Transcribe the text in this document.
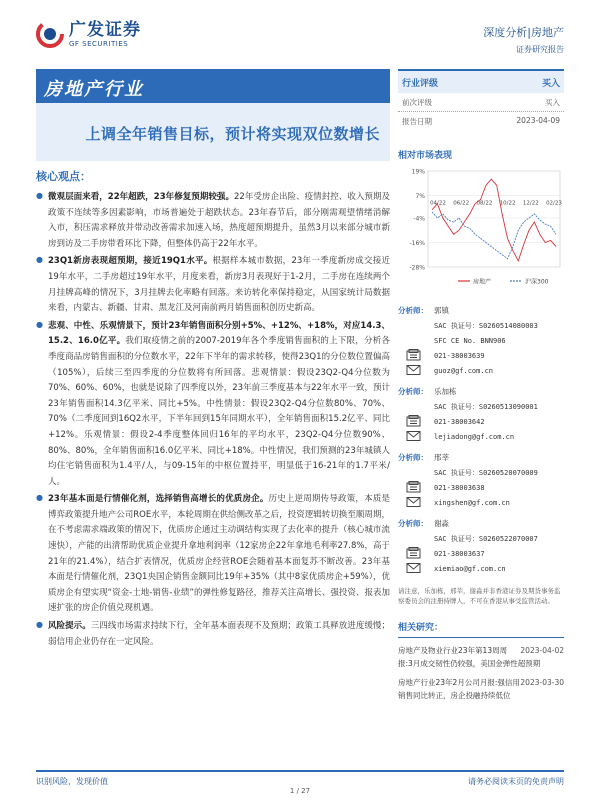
广发证券
GF SECURITIES
深度分析|房地产
证券研究报告
房地产行业
上调全年销售目标，预计将实现双位数增长
核心观点：
● 微观层面来看，22年超跌，23年修复预期较强。22年受房企出险、疫情封控、收入预期及政策不连续等多因素影响，市场普遍处于超跌状态。23年春节后，部分刚需观望情绪消解入市，积压需求释放并带动改善需求加速入场，热度超预期提升，虽然3月以来部分城市新房到访及二手房带看环比下降，但整体仍高于22年水平。

● 23Q1新房表现超预期，接近19Q1水平。根据样本城市数据，23年一季度新房成交接近19年水平，二手房超过19年水平，月度来看，新房3月表现好于1-2月，二手房在连续两个月挂牌高峰的情况下，3月挂牌去化率略有回落。来访转化率保持稳定，从国家统计局数据来看，内蒙古、新疆、甘肃、黑龙江及河南前两月销售面积创历史新高。

● 悲观、中性、乐观情景下，预计23年销售面积分别+5%、+12%、+18%，对应14.3、15.2、16.0亿平。我们取疫情之前的2007-2019年各个季度销售面积的上下限，分析各季度商品房销售面积的分位数水平，22年下半年的需求转移，使得23Q1的分位数位置偏高（105%），后续三至四季度的分位数将有所回落。悲观情景：假设23Q2-Q4分位数为70%、60%、60%，也就是说除了四季度以外，23年前三季度基本与22年水平一致，预计23年销售面积14.3亿平米、同比+5%。中性情景：假设23Q2-Q4分位数80%、70%、70%（二季度回到16Q2水平，下半年回到15年同期水平），全年销售面积15.2亿平、同比+12%。乐观情景：假设2-4季度整体回归16年的平均水平，23Q2-Q4分位数90%、80%、80%，全年销售面积16.0亿平米、同比+18%。中性情况，我们预测的23年城镇人均住宅销售面积为1.4平/人，与09-15年的中枢位置持平，明显低于16-21年的1.7平米/人。

● 23年基本面是行情催化剂，选择销售高增长的优质房企。历史上逆周期传导政策，本质是博弈政策提升地产公司ROE水平，本轮周期在供给侧改革之后，投资逻辑转切换至顺周期，在不考虑需求端政策的情况下，优质房企通过主动调结构实现了去化率的提升（核心城市流速快），产能的出清帮助优质企业提升拿地利润率（12家房企22年拿地毛利率27.8%，高于21年的21.4%），结合扩表情况，优质房企经营ROE会随着基本面复苏不断改善。23年基本面是行情催化剂，23Q1央国企销售金额同比19年+35%（其中8家优质房企+59%），优质房企有望实现“资金-土地-销售-业绩”的弹性修复路径，推荐关注高增长、强投资、报表加速扩张的房企价值兑现机遇。

● 风险提示。三四线市场需求持续下行，全年基本面表现不及预期；政策工具释放进度缓慢；弱信用企业仍存在一定风险。

行业评级	买入
前次评级	买入
报告日期	2023-04-09
相对市场表现
19%
7%
-4%
-16%
-28%
04/22 06/22 08/22 10/22 12/22 02/23
房地产	沪深300
分析师： 郭镇
SAC 执证号：S0260514080003
SFC CE No. BNN906
021-38003639
guoz@gf.com.cn
分析师： 乐加栋
SAC 执证号：S0260513090001
021-38003642
lejiadong@gf.com.cn
分析师： 邢莘
SAC 执证号：S0260520070009
021-38003638
xingshen@gf.com.cn
分析师： 谢淼
SAC 执证号：S0260522070007
021-38003637
xiemiao@gf.com.cn
请注意，乐加栋，邢莘，谢淼并非香港证券及期货事务监察委员会的注册持牌人，不可在香港从事受监管活动。
相关研究：
2023-04-02
房地产及物业行业23年第13周周报:3月成交韧性仍较强，美国金弹性超预期
2023-03-30
房地产行业23年2月公司月报:强信用销售同比转正，房企投融持续低位
识别风险，发现价值	请务必阅读末页的免责声明
1 / 27
